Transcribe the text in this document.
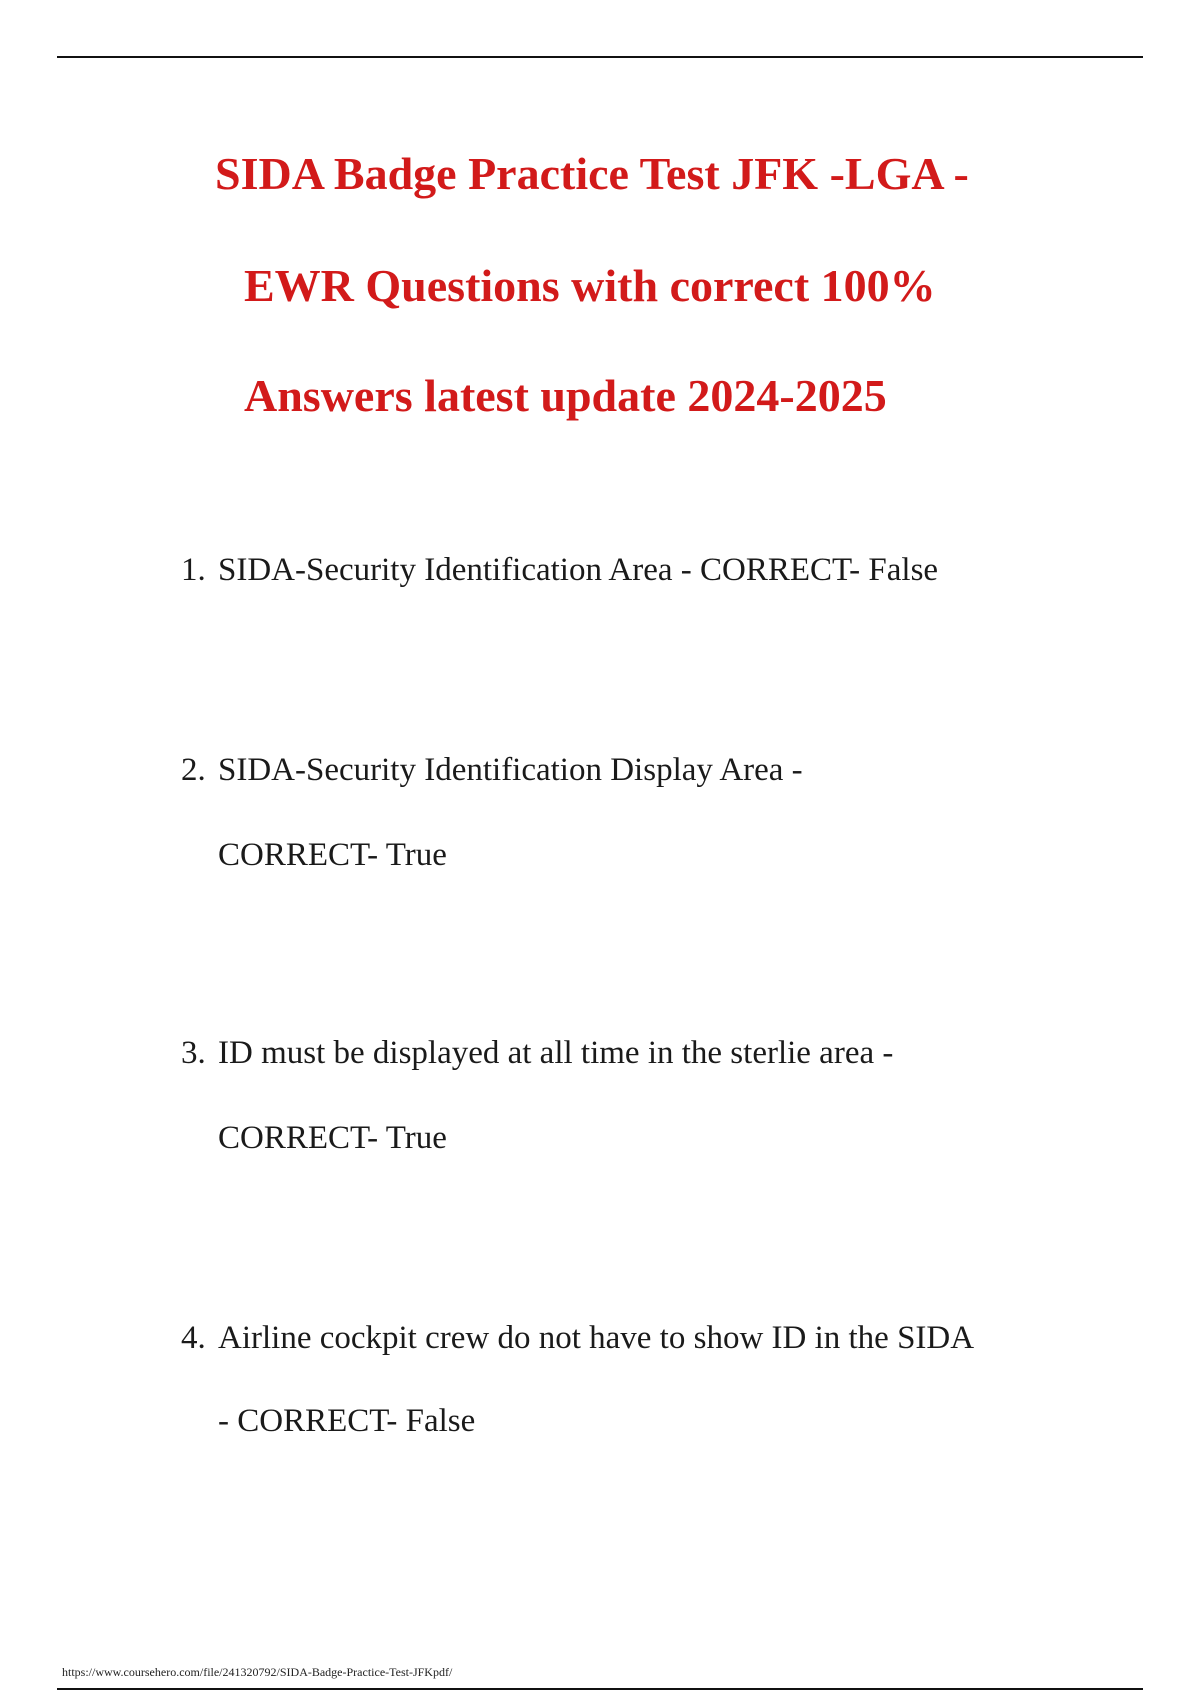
SIDA Badge Practice Test JFK -LGA -
EWR Questions with correct 100%
Answers latest update 2024-2025
1. SIDA-Security Identification Area - CORRECT- False
2. SIDA-Security Identification Display Area -
CORRECT- True
3. ID must be displayed at all time in the sterlie area -
CORRECT- True
4. Airline cockpit crew do not have to show ID in the SIDA
- CORRECT- False
https://www.coursehero.com/file/241320792/SIDA-Badge-Practice-Test-JFKpdf/
